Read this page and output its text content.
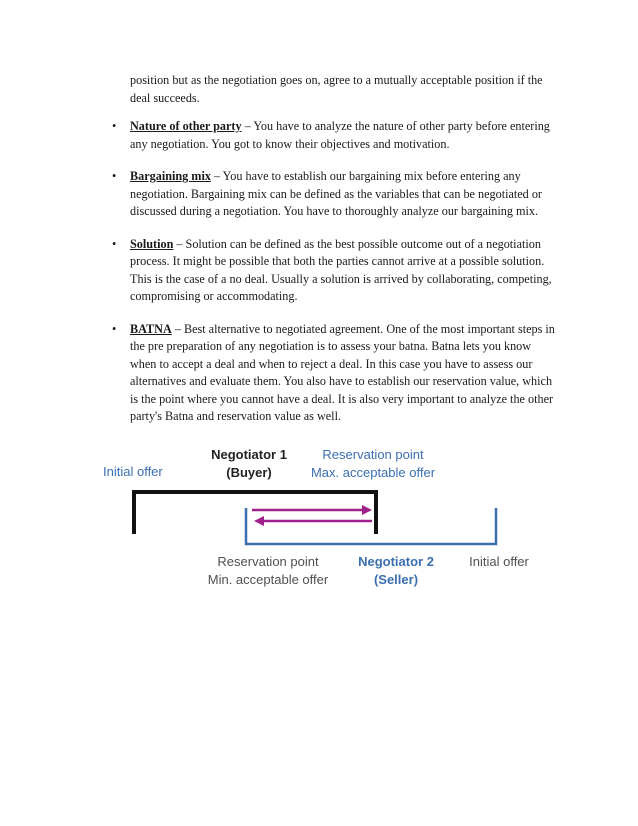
position but as the negotiation goes on, agree to a mutually acceptable position if the deal succeeds.

• Nature of other party – You have to analyze the nature of other party before entering any negotiation. You got to know their objectives and motivation.
• Bargaining mix – You have to establish our bargaining mix before entering any negotiation. Bargaining mix can be defined as the variables that can be negotiated or discussed during a negotiation. You have to thoroughly analyze our bargaining mix.
• Solution – Solution can be defined as the best possible outcome out of a negotiation process. It might be possible that both the parties cannot arrive at a possible solution. This is the case of a no deal. Usually a solution is arrived by collaborating, competing, compromising or accommodating.
• BATNA – Best alternative to negotiated agreement. One of the most important steps in the pre preparation of any negotiation is to assess your batna. Batna lets you know when to accept a deal and when to reject a deal. In this case you have to assess our alternatives and evaluate them. You also have to establish our reservation value, which is the point where you cannot have a deal. It is also very important to analyze the other party's Batna and reservation value as well.
Initial offer
Negotiator 1
(Buyer)
Reservation point
Max. acceptable offer
Reservation point
Min. acceptable offer
Negotiator 2
(Seller)
Initial offer
